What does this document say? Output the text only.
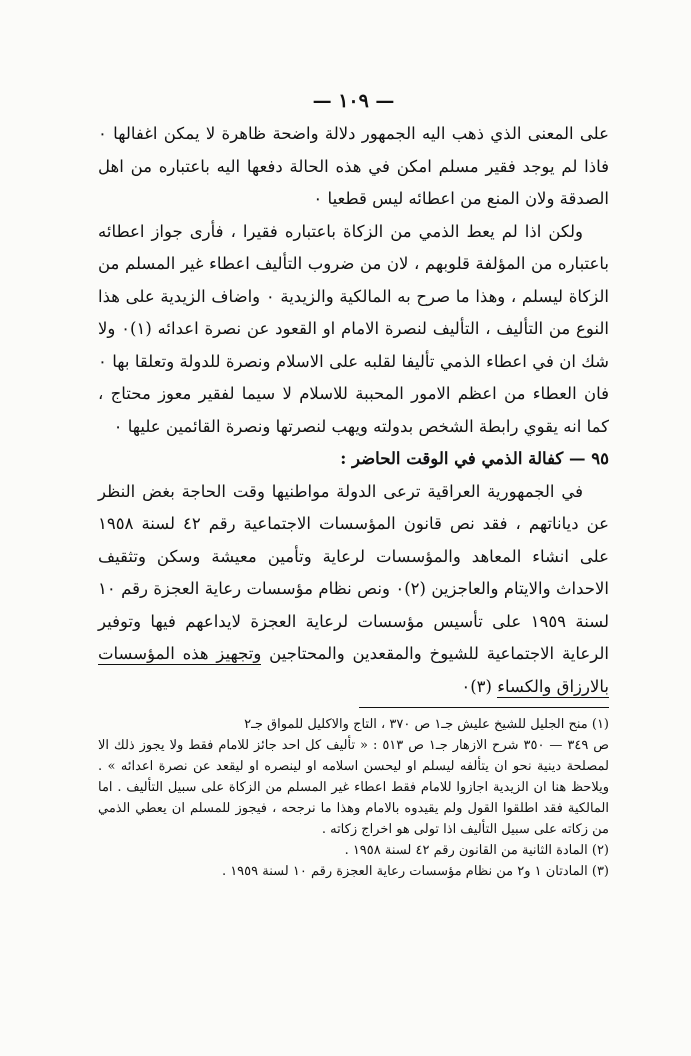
— ١٠٩ —

على المعنى الذي ذهب اليه الجمهور دلالة واضحة ظاهرة لا يمكن اغفالها ٠ فاذا لم يوجد فقير مسلم امكن في هذه الحالة دفعها اليه باعتباره من اهل الصدقة ولان المنع من اعطائه ليس قطعيا ٠

ولكن اذا لم يعط الذمي من الزكاة باعتباره فقيرا ، فأرى جواز اعطائه باعتباره من المؤلفة قلوبهم ، لان من ضروب التأليف اعطاء غير المسلم من الزكاة ليسلم ، وهذا ما صرح به المالكية والزيدية ٠ واضاف الزيدية على هذا النوع من التأليف ، التأليف لنصرة الامام او القعود عن نصرة اعدائه (١)٠ ولا شك ان في اعطاء الذمي تأليفا لقلبه على الاسلام ونصرة للدولة وتعلقا بها ٠ فان العطاء من اعظم الامور المحببة للاسلام لا سيما لفقير معوز محتاج ، كما انه يقوي رابطة الشخص بدولته ويهب لنصرتها ونصرة القائمين عليها ٠

٩٥ — كفالة الذمي في الوقت الحاضر :

في الجمهورية العراقية ترعى الدولة مواطنيها وقت الحاجة بغض النظر عن دياناتهم ، فقد نص قانون المؤسسات الاجتماعية رقم ٤٢ لسنة ١٩٥٨ على انشاء المعاهد والمؤسسات لرعاية وتأمين معيشة وسكن وتثقيف الاحداث والايتام والعاجزين (٢)٠ ونص نظام مؤسسات رعاية العجزة رقم ١٠ لسنة ١٩٥٩ على تأسيس مؤسسات لرعاية العجزة لايداعهم فيها وتوفير الرعاية الاجتماعية للشيوخ والمقعدين والمحتاجين وتجهيز هذه المؤسسات بالارزاق والكساء (٣)٠

(١) منح الجليل للشيخ عليش جـ١ ص ٣٧٠ ، التاج والاكليل للمواق جـ٢

ص ٣٤٩ — ٣٥٠ شرح الازهار جـ١ ص ٥١٣ : « تأليف كل احد جائز للامام فقط ولا يجوز ذلك الا لمصلحة دينية نحو ان يتألفه ليسلم او ليحسن اسلامه او لينصره او ليقعد عن نصرة اعدائه » . ويلاحظ هنا ان الزيدية اجازوا للامام فقط اعطاء غير المسلم من الزكاة على سبيل التأليف . اما المالكية فقد اطلقوا القول ولم يقيدوه بالامام وهذا ما نرجحه ، فيجوز للمسلم ان يعطي الذمي من زكاته على سبيل التأليف اذا تولى هو اخراج زكاته .

(٢) المادة الثانية من القانون رقم ٤٢ لسنة ١٩٥٨ .

(٣) المادتان ١ و٢ من نظام مؤسسات رعاية العجزة رقم ١٠ لسنة ١٩٥٩ .
